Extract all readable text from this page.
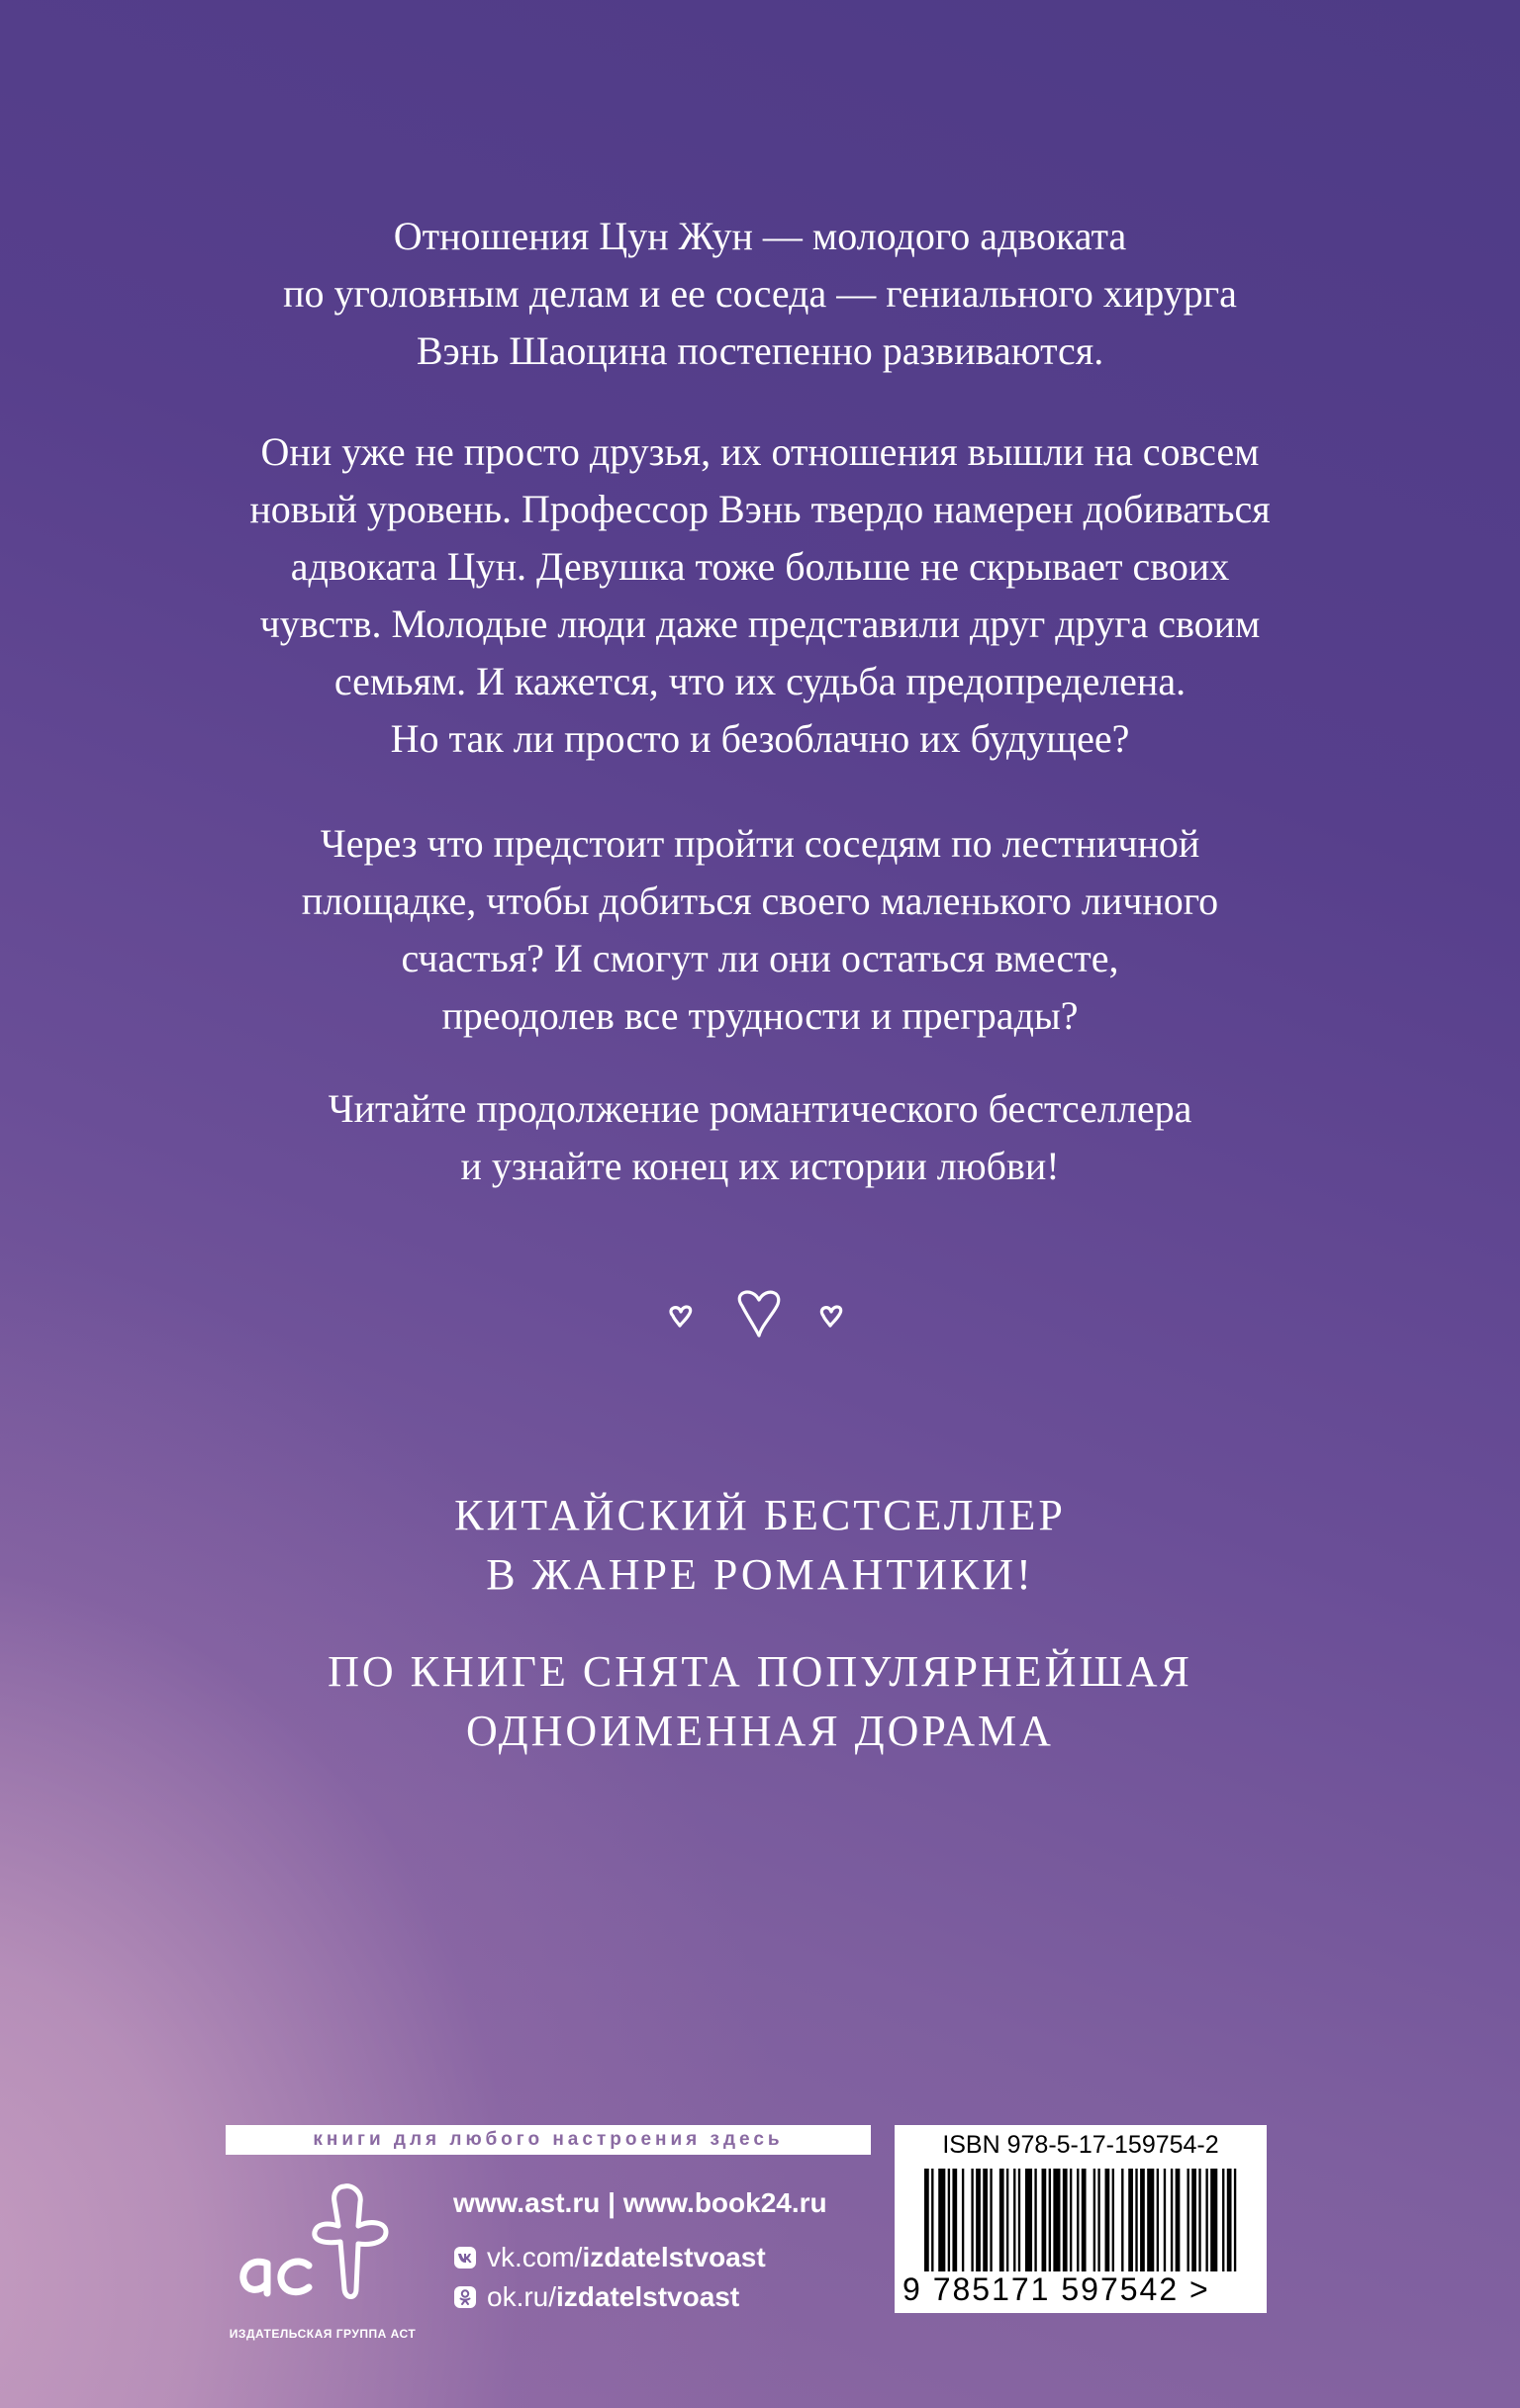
Отношения Цун Жун — молодого адвоката
по уголовным делам и ее соседа — гениального хирурга
Вэнь Шаоцина постепенно развиваются.
Они уже не просто друзья, их отношения вышли на совсем
новый уровень. Профессор Вэнь твердо намерен добиваться
адвоката Цун. Девушка тоже больше не скрывает своих
чувств. Молодые люди даже представили друг друга своим
семьям. И кажется, что их судьба предопределена.
Но так ли просто и безоблачно их будущее?
Через что предстоит пройти соседям по лестничной
площадке, чтобы добиться своего маленького личного
счастья? И смогут ли они остаться вместе,
преодолев все трудности и преграды?
Читайте продолжение романтического бестселлера
и узнайте конец их истории любви!
КИТАЙСКИЙ БЕСТСЕЛЛЕР
В ЖАНРЕ РОМАНТИКИ!
ПО КНИГЕ СНЯТА ПОПУЛЯРНЕЙШАЯ
ОДНОИМЕННАЯ ДОРАМА
книги для любого настроения здесь
ИЗДАТЕЛЬСКАЯ ГРУППА АСТ
www.ast.ru | www.book24.ru
vk.com/ izdatelstvoast
ok.ru/ izdatelstvoast
ISBN 978-5-17-159754-2
9 785171 597542 >
